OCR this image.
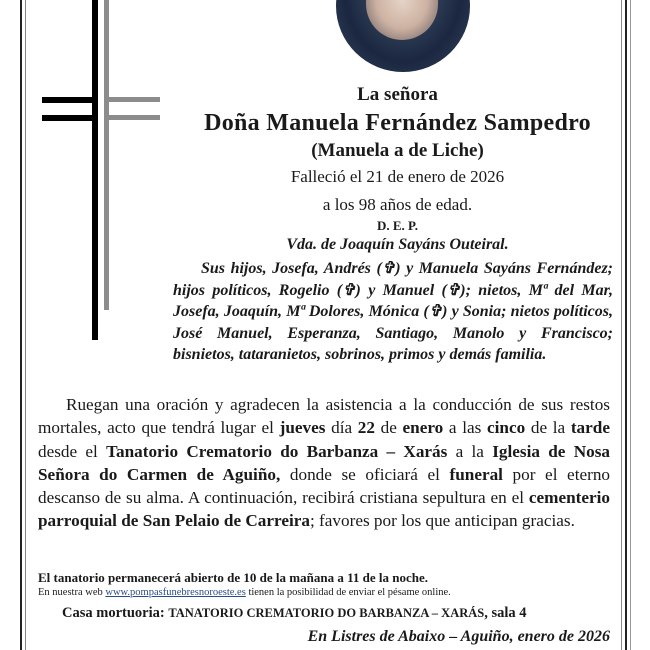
La señora
Doña Manuela Fernández Sampedro
(Manuela a de Liche)
Falleció el 21 de enero de 2026
a los 98 años de edad.
D. E. P.
Vda. de Joaquín Sayáns Outeiral.
Sus hijos, Josefa, Andrés (✞) y Manuela Sayáns Fernández; hijos políticos, Rogelio (✞) y Manuel (✞); nietos, Mª del Mar, Josefa, Joaquín, Mª Dolores, Mónica (✞) y Sonia; nietos políticos, José Manuel, Esperanza, Santiago, Manolo y Francisco; bisnietos, tataranietos, sobrinos, primos y demás familia.
Ruegan una oración y agradecen la asistencia a la conducción de sus restos mortales, acto que tendrá lugar el jueves día 22 de enero a las cinco de la tarde desde el Tanatorio Crematorio do Barbanza – Xarás a la Iglesia de Nosa Señora do Carmen de Aguiño, donde se oficiará el funeral por el eterno descanso de su alma. A continuación, recibirá cristiana sepultura en el cementerio parroquial de San Pelaio de Carreira; favores por los que anticipan gracias.
El tanatorio permanecerá abierto de 10 de la mañana a 11 de la noche.
En nuestra web www.pompasfunebresnoroeste.es tienen la posibilidad de enviar el pésame online.
Casa mortuoria: TANATORIO CREMATORIO DO BARBANZA – XARÁS, sala 4
En Listres de Abaixo – Aguiño, enero de 2026
